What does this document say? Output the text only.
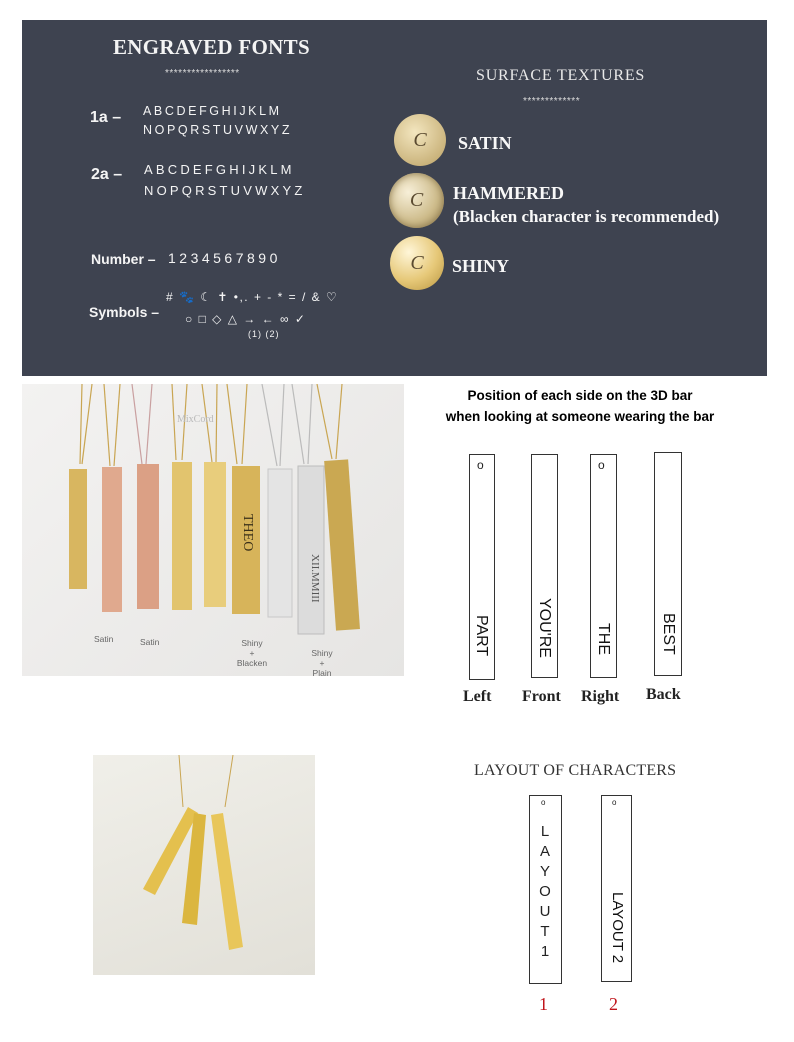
ENGRAVED FONTS
*****************
1a – ABCDEFGHIJKLM
NOPQRSTUVWXYZ
2a – ABCDEFGHIJKLM
NOPQRSTUVWXYZ
Number – 1234567890
Symbols –
# 🐾 ☾ ✝ •,. + - * = / & ♡
○ □ ◇ △ → ← ∞ ✓
(1) (2)
SURFACE TEXTURES
*************
C SATIN
C HAMMERED
(Blacken character is recommended)
C SHINY
THEO
XII.MMIII
MixCord
Satin	Satin	Shiny
+
Blacken
Shiny
+
Plain
Position of each side on the 3D bar
when looking at someone wearing the bar
o
PART
Left
YOU'RE
Front
o
THE
Right
BEST
Back
LAYOUT OF CHARACTERS
o
L
A
Y
O
U
T
1
1
o
LAYOUT 2
2
